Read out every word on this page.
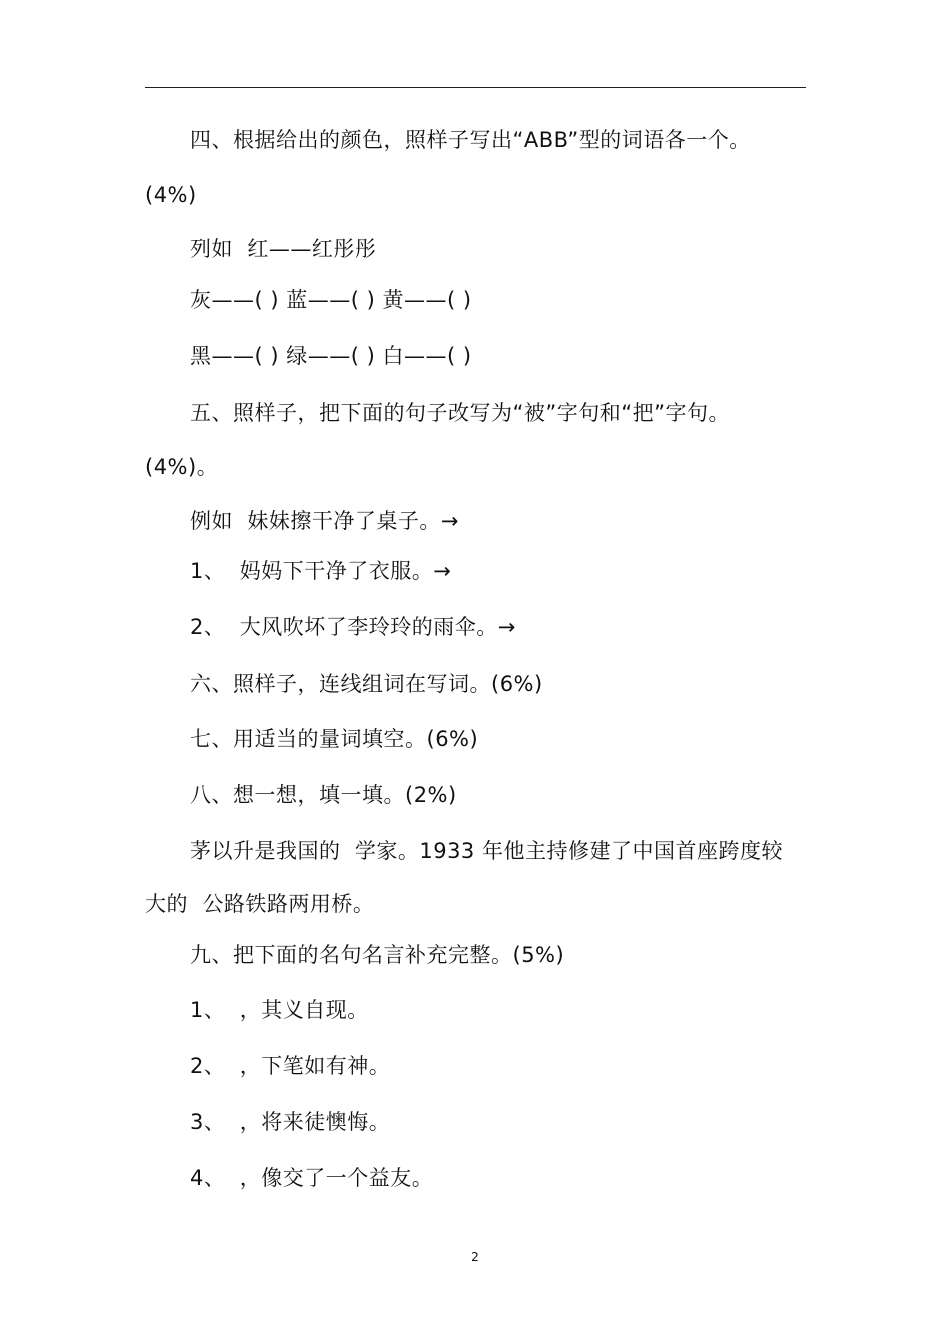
四、根据给出的颜色，照样子写出“ABB”型的词语各一个。
(4%)
列如  红——红彤彤
灰——( ) 蓝——( ) 黄——( )
黑——( ) 绿——( ) 白——( )
五、照样子，把下面的句子改写为“被”字句和“把”字句。
(4%)。
例如  妹妹擦干净了桌子。→
1、  妈妈下干净了衣服。→
2、  大风吹坏了李玲玲的雨伞。→
六、照样子，连线组词在写词。(6%)
七、用适当的量词填空。(6%)
八、想一想，填一填。(2%)
茅以升是我国的  学家。1933 年他主持修建了中国首座跨度较
大的  公路铁路两用桥。
九、把下面的名句名言补充完整。(5%)
1、  ，其义自现。
2、  ，下笔如有神。
3、  ，将来徒懊悔。
4、  ，像交了一个益友。
2
